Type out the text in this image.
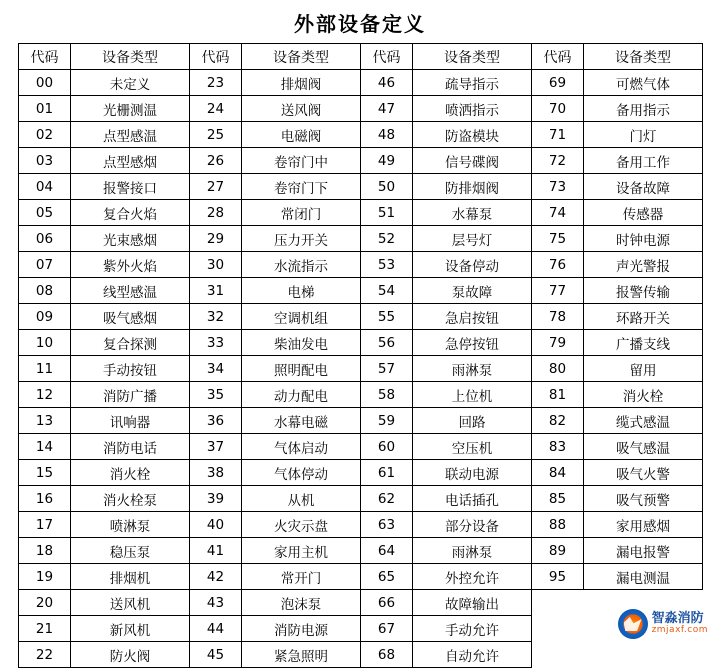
外部设备定义
代码	设备类型	代码	设备类型	代码	设备类型	代码	设备类型
00	未定义	23	排烟阀	46	疏导指示	69	可燃气体
01	光栅测温	24	送风阀	47	喷洒指示	70	备用指示
02	点型感温	25	电磁阀	48	防盗模块	71	门灯
03	点型感烟	26	卷帘门中	49	信号碟阀	72	备用工作
04	报警接口	27	卷帘门下	50	防排烟阀	73	设备故障
05	复合火焰	28	常闭门	51	水幕泵	74	传感器
06	光束感烟	29	压力开关	52	层号灯	75	时钟电源
07	紫外火焰	30	水流指示	53	设备停动	76	声光警报
08	线型感温	31	电梯	54	泵故障	77	报警传输
09	吸气感烟	32	空调机组	55	急启按钮	78	环路开关
10	复合探测	33	柴油发电	56	急停按钮	79	广播支线
11	手动按钮	34	照明配电	57	雨淋泵	80	留用
12	消防广播	35	动力配电	58	上位机	81	消火栓
13	讯响器	36	水幕电磁	59	回路	82	缆式感温
14	消防电话	37	气体启动	60	空压机	83	吸气感温
15	消火栓	38	气体停动	61	联动电源	84	吸气火警
16	消火栓泵	39	从机	62	电话插孔	85	吸气预警
17	喷淋泵	40	火灾示盘	63	部分设备	88	家用感烟
18	稳压泵	41	家用主机	64	雨淋泵	89	漏电报警
19	排烟机	42	常开门	65	外控允许	95	漏电测温
20	送风机	43	泡沫泵	66	故障输出		
21	新风机	44	消防电源	67	手动允许		
22	防火阀	45	紧急照明	68	自动允许		
智淼消防
zmjaxf.com
